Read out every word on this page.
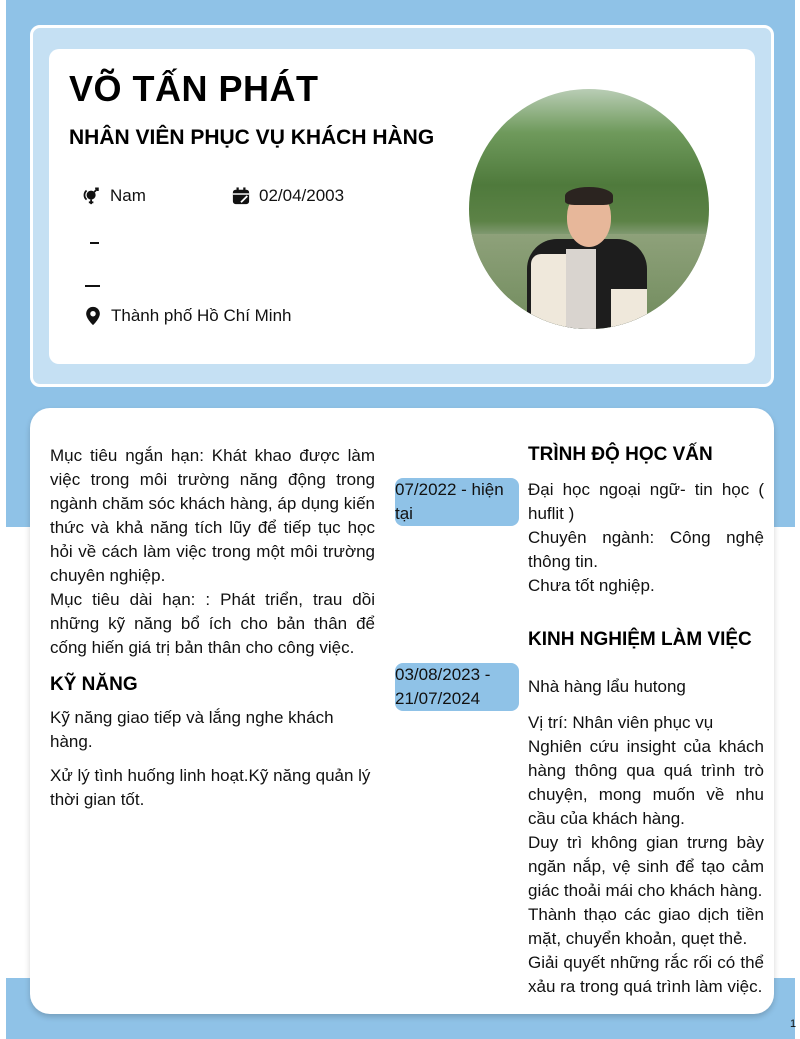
VÕ TẤN PHÁT
NHÂN VIÊN PHỤC VỤ KHÁCH HÀNG
Nam	02/04/2003
Thành phố Hồ Chí Minh
Mục tiêu ngắn hạn: Khát khao được làm việc trong môi trường năng động trong ngành chăm sóc khách hàng, áp dụng kiến thức và khả năng tích lũy để tiếp tục học hỏi về cách làm việc trong một môi trường chuyên nghiệp.
Mục tiêu dài hạn: : Phát triển, trau dồi những kỹ năng bổ ích cho bản thân để cống hiến giá trị bản thân cho công việc.
KỸ NĂNG
Kỹ năng giao tiếp và lắng nghe khách hàng.
Xử lý tình huống linh hoạt.Kỹ năng quản lý thời gian tốt.
TRÌNH ĐỘ HỌC VẤN
07/2022 - hiện tại
Đại học ngoại ngữ- tin học ( huflit )
Chuyên ngành: Công nghệ thông tin.
Chưa tốt nghiệp.
KINH NGHIỆM LÀM VIỆC
03/08/2023 - 21/07/2024
Nhà hàng lẩu hutong
Vị trí: Nhân viên phục vụ
Nghiên cứu insight của khách hàng thông qua quá trình trò chuyện, mong muốn về nhu cầu của khách hàng.
Duy trì không gian trưng bày ngăn nắp, vệ sinh để tạo cảm giác thoải mái cho khách hàng.
Thành thạo các giao dịch tiền mặt, chuyển khoản, quẹt thẻ.
Giải quyết những rắc rối có thể xảu ra trong quá trình làm việc.
1
